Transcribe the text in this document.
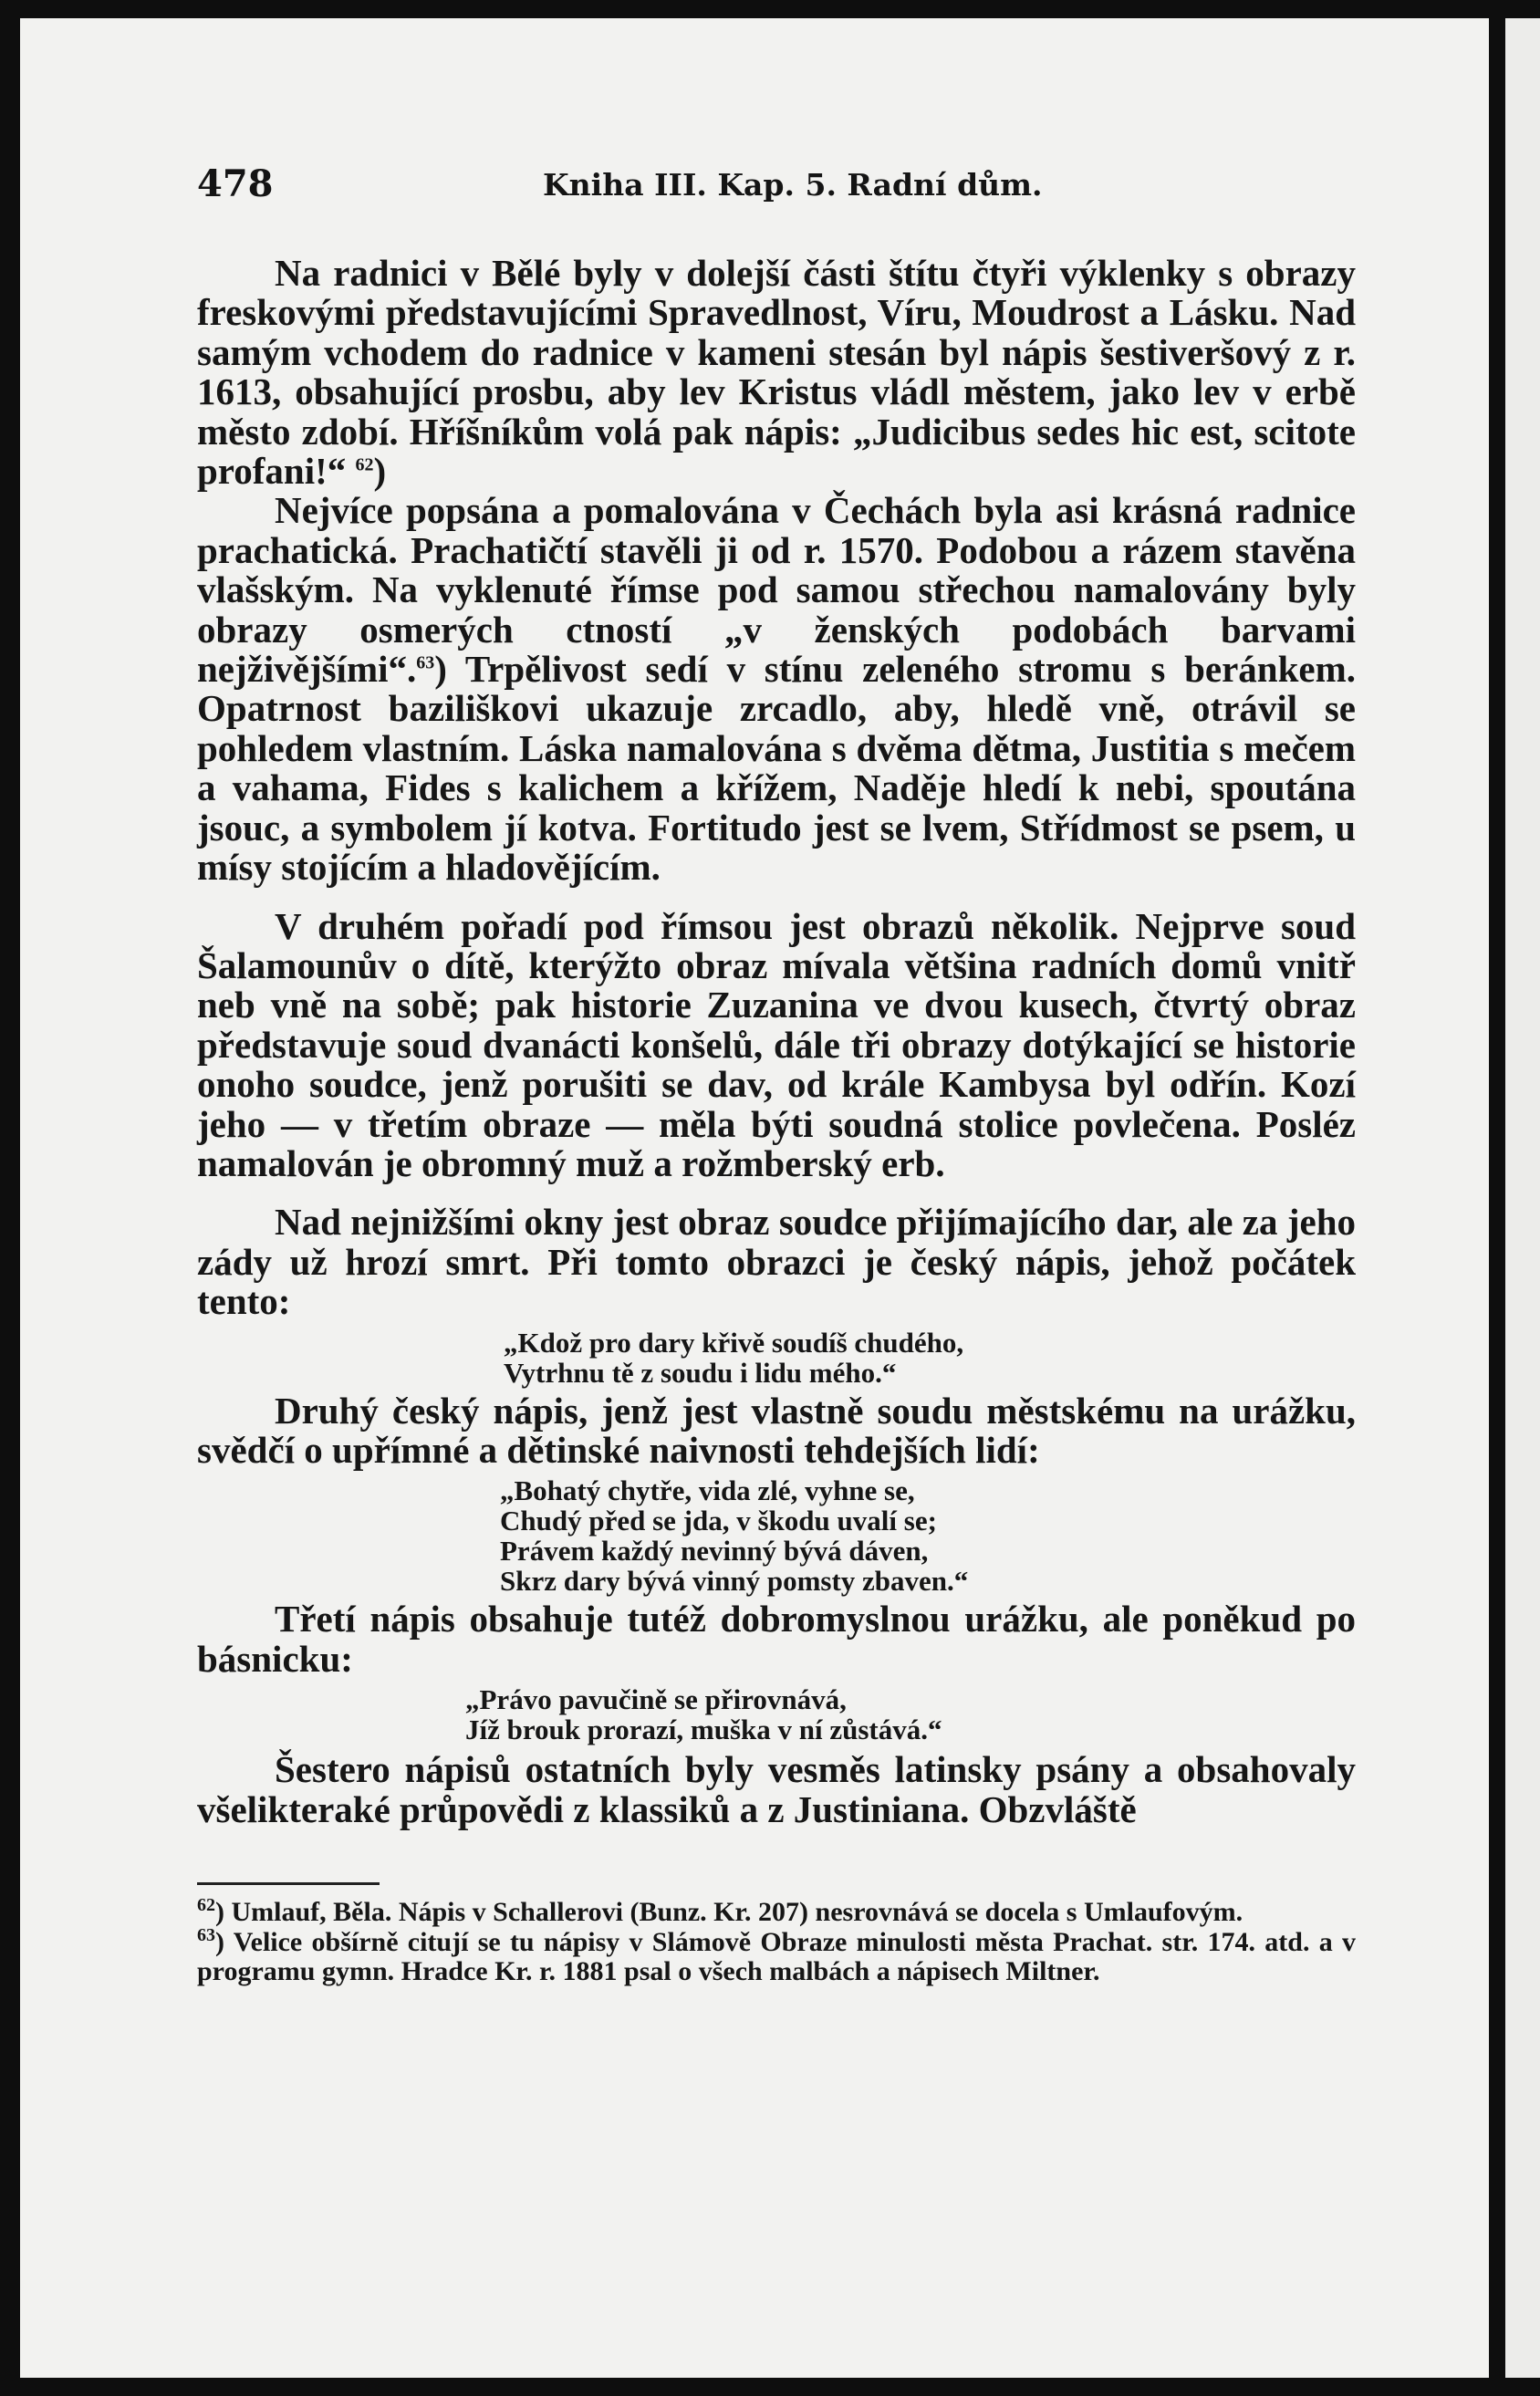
478	Kniha III. Kap. 5. Radní dům.

Na radnici v Bělé byly v dolejší části štítu čtyři výklenky s obrazy freskovými představujícími Spravedlnost, Víru, Moudrost a Lásku. Nad samým vchodem do radnice v kameni stesán byl nápis šestiveršový z r. 1613, obsahující prosbu, aby lev Kristus vládl městem, jako lev v erbě město zdobí. Hříšníkům volá pak nápis: „Judicibus sedes hic est, scitote profani!“ $^{62}$)

Nejvíce popsána a pomalována v Čechách byla asi krásná radnice prachatická. Prachatičtí stavěli ji od r. 1570. Podobou a rázem stavěna vlašským. Na vyklenuté římse pod samou střechou namalovány byly obrazy osmerých ctností „v ženských podobách barvami nejživějšími“.$^{63}$) Trpělivost sedí v stínu zeleného stromu s beránkem. Opatrnost baziliškovi ukazuje zrcadlo, aby, hledě vně, otrávil se pohledem vlastním. Láska namalována s dvěma dětma, Justitia s mečem a vahama, Fides s kalichem a křížem, Naděje hledí k nebi, spoutána jsouc, a symbolem jí kotva. Fortitudo jest se lvem, Střídmost se psem, u mísy stojícím a hladovějícím.

V druhém pořadí pod římsou jest obrazů několik. Nejprve soud Šalamounův o dítě, kterýžto obraz mívala většina radních domů vnitř neb vně na sobě; pak historie Zuzanina ve dvou kusech, čtvrtý obraz představuje soud dvanácti konšelů, dále tři obrazy dotýkající se historie onoho soudce, jenž porušiti se dav, od krále Kambysa byl odřín. Kozí jeho — v třetím obraze — měla býti soudná stolice povlečena. Posléz namalován je obromný muž a rožmberský erb.

Nad nejnižšími okny jest obraz soudce přijímajícího dar, ale za jeho zády už hrozí smrt. Při tomto obrazci je český nápis, jehož počátek tento:

„Kdož pro dary křivě soudíš chudého,
Vytrhnu tě z soudu i lidu mého.“

Druhý český nápis, jenž jest vlastně soudu městskému na urážku, svědčí o upřímné a dětinské naivnosti tehdejších lidí:

„Bohatý chytře, vida zlé, vyhne se,
Chudý před se jda, v škodu uvalí se;
Právem každý nevinný bývá dáven,
Skrz dary bývá vinný pomsty zbaven.“

Třetí nápis obsahuje tutéž dobromyslnou urážku, ale poněkud po básnicku:

„Právo pavučině se přirovnává,
Jíž brouk prorazí, muška v ní zůstává.“

Šestero nápisů ostatních byly vesměs latinsky psány a obsahovaly všelikteraké průpovědi z klassiků a z Justiniana. Obzvláště

$^{62}$) Umlauf, Běla. Nápis v Schallerovi (Bunz. Kr. 207) nesrovnává se docela s Umlaufovým.
$^{63}$) Velice obšírně citují se tu nápisy v Slámově Obraze minulosti města Prachat. str. 174. atd. a v programu gymn. Hradce Kr. r. 1881 psal o všech malbách a nápisech Miltner.
